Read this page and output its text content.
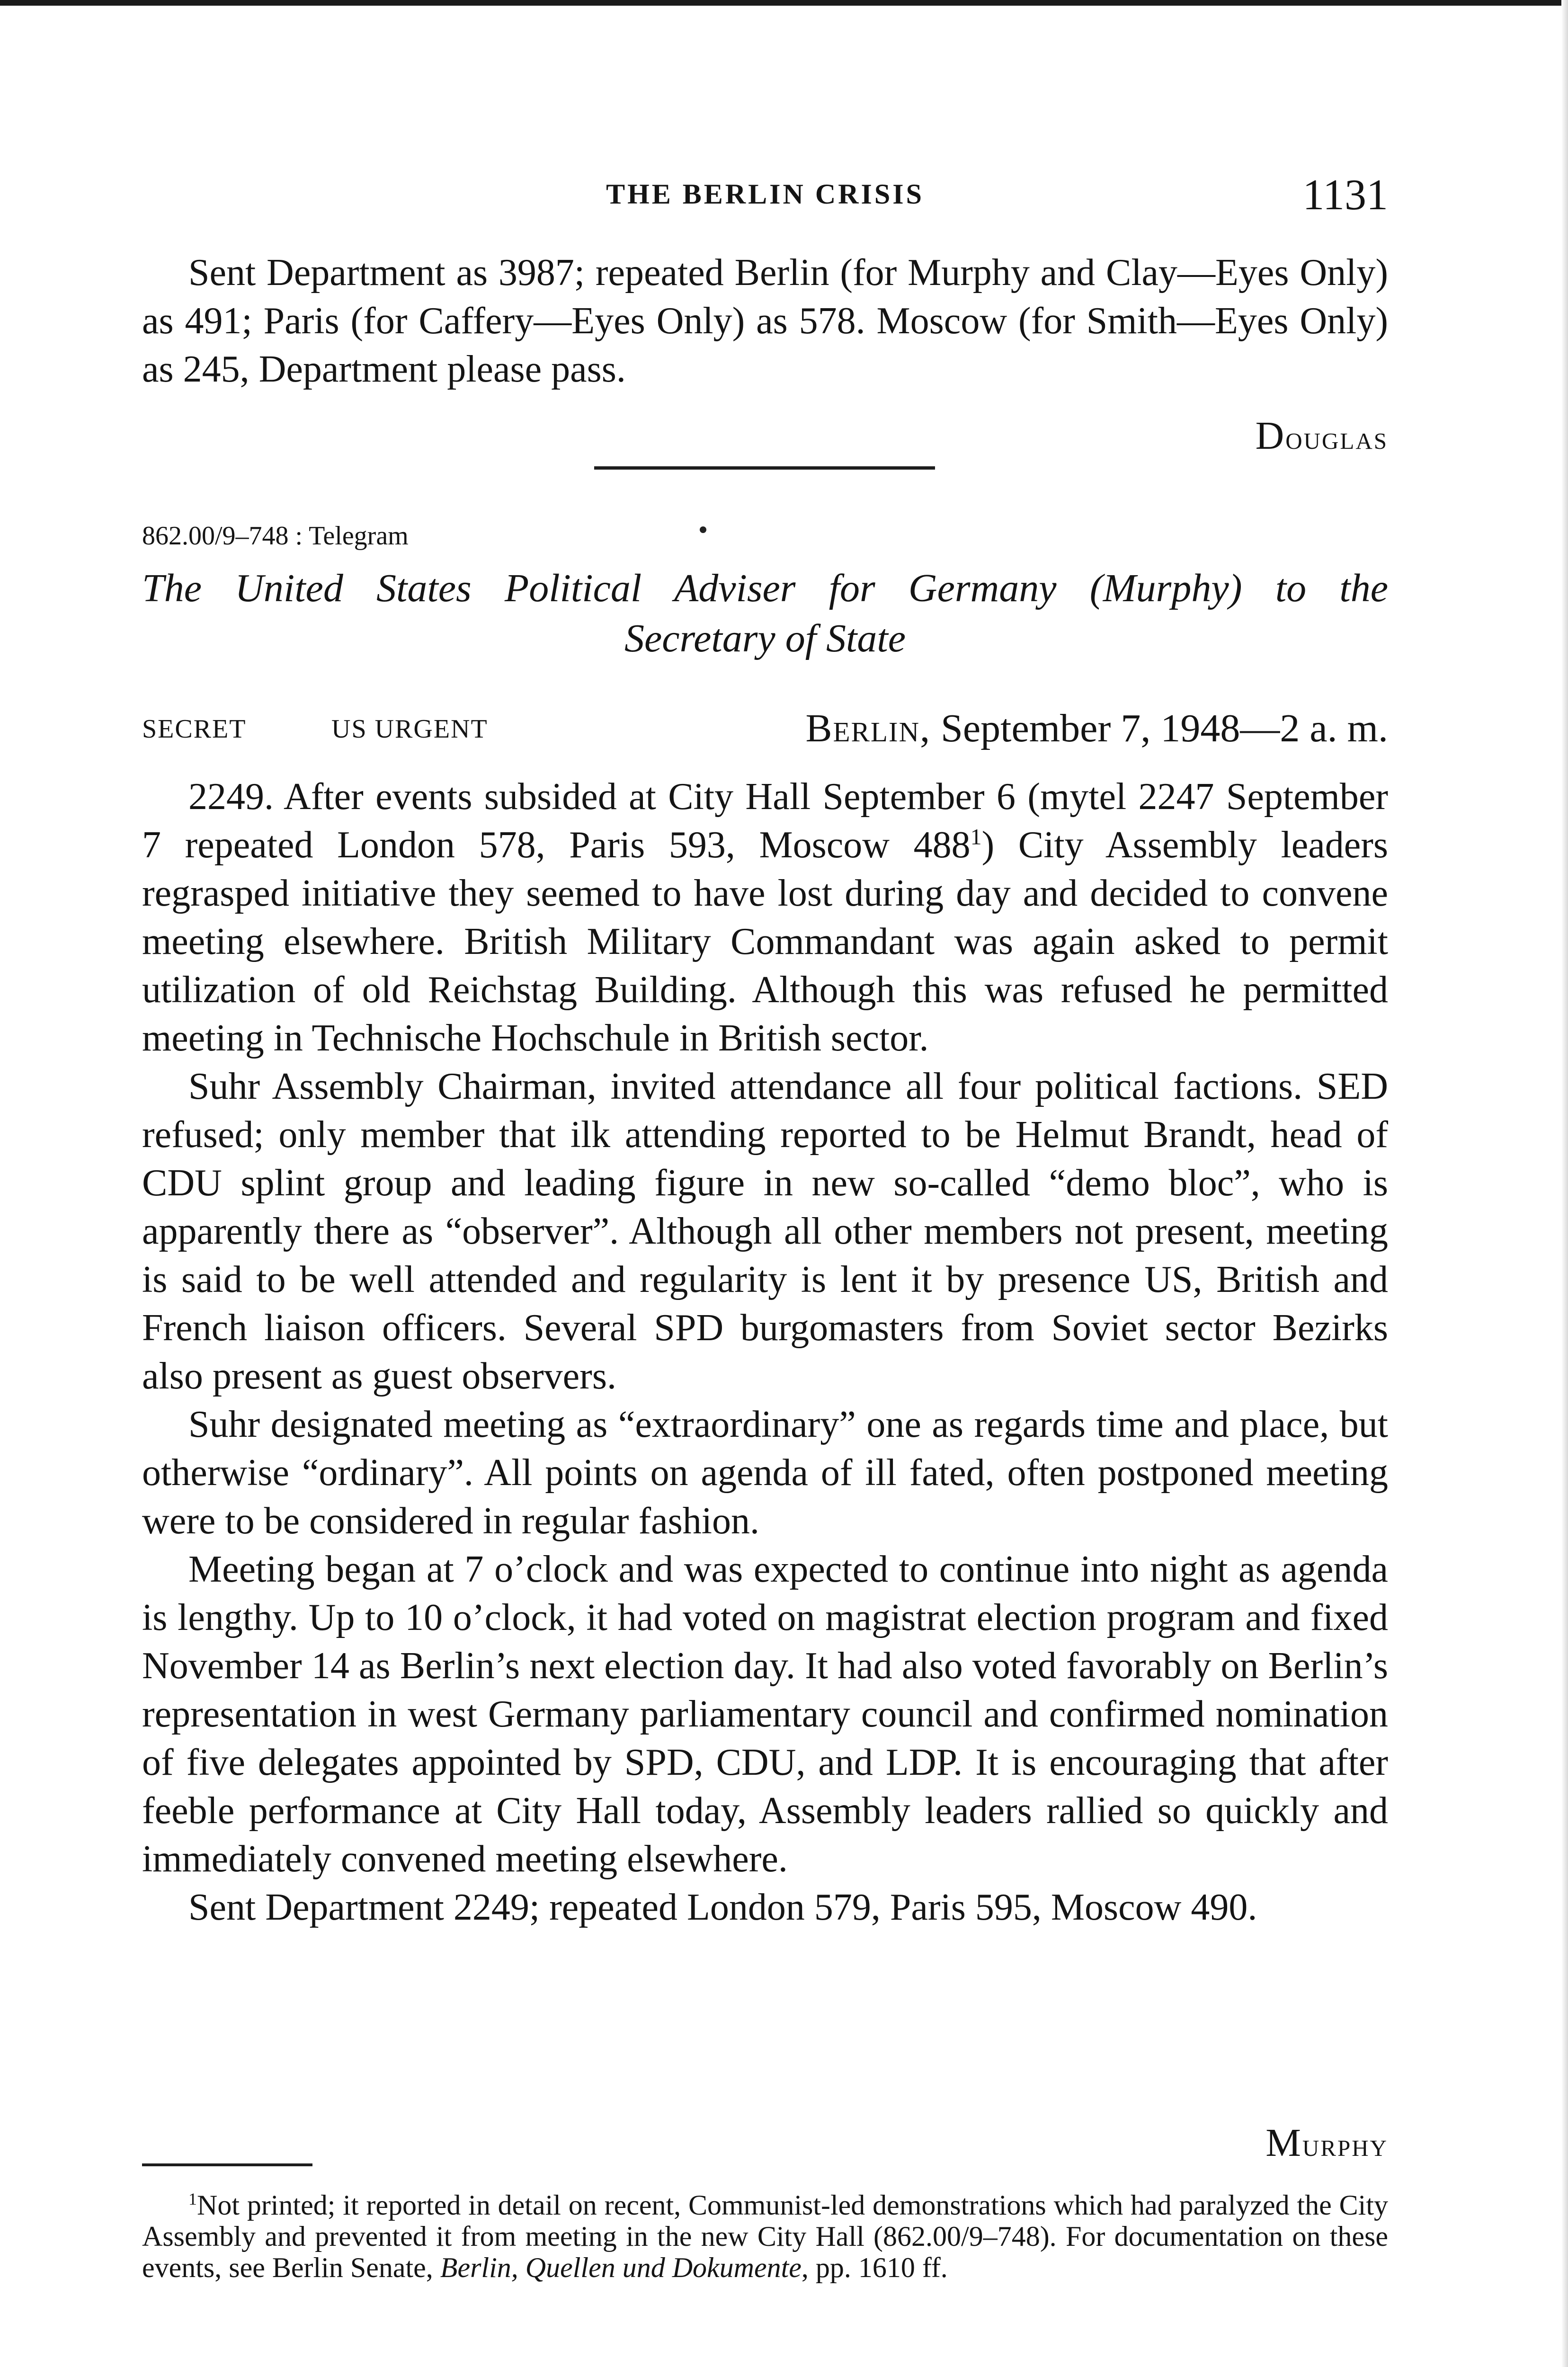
THE BERLIN CRISIS	1131

Sent Department as 3987; repeated Berlin (for Murphy and Clay—Eyes Only) as 491; Paris (for Caffery—Eyes Only) as 578. Moscow (for Smith—Eyes Only) as 245, Department please pass.

Douglas
862.00/9–748 : Telegram
The United States Political Adviser for Germany (Murphy) to the
Secretary of State
SECRET	US URGENT	Berlin, September 7, 1948—2 a. m.

2249. After events subsided at City Hall September 6 (mytel 2247 September 7 repeated London 578, Paris 593, Moscow $488^1$) City Assembly leaders regrasped initiative they seemed to have lost during day and decided to convene meeting elsewhere. British Military Commandant was again asked to permit utilization of old Reichstag Building. Although this was refused he permitted meeting in Technische Hochschule in British sector.

Suhr Assembly Chairman, invited attendance all four political factions. SED refused; only member that ilk attending reported to be Helmut Brandt, head of CDU splint group and leading figure in new so-called “demo bloc”, who is apparently there as “observer”. Although all other members not present, meeting is said to be well attended and regularity is lent it by presence US, British and French liaison officers. Several SPD burgomasters from Soviet sector Bezirks also present as guest observers.

Suhr designated meeting as “extraordinary” one as regards time and place, but otherwise “ordinary”. All points on agenda of ill fated, often postponed meeting were to be considered in regular fashion.

Meeting began at 7 o’clock and was expected to continue into night as agenda is lengthy. Up to 10 o’clock, it had voted on magistrat election program and fixed November 14 as Berlin’s next election day. It had also voted favorably on Berlin’s representation in west Germany parliamentary council and confirmed nomination of five delegates appointed by SPD, CDU, and LDP. It is encouraging that after feeble performance at City Hall today, Assembly leaders rallied so quickly and immediately convened meeting elsewhere.

Sent Department 2249; repeated London 579, Paris 595, Moscow 490.

Murphy

$^1$Not printed; it reported in detail on recent, Communist-led demonstrations which had paralyzed the City Assembly and prevented it from meeting in the new City Hall (862.00/9–748). For documentation on these events, see Berlin Senate, Berlin, Quellen und Dokumente, pp. 1610 ff.
